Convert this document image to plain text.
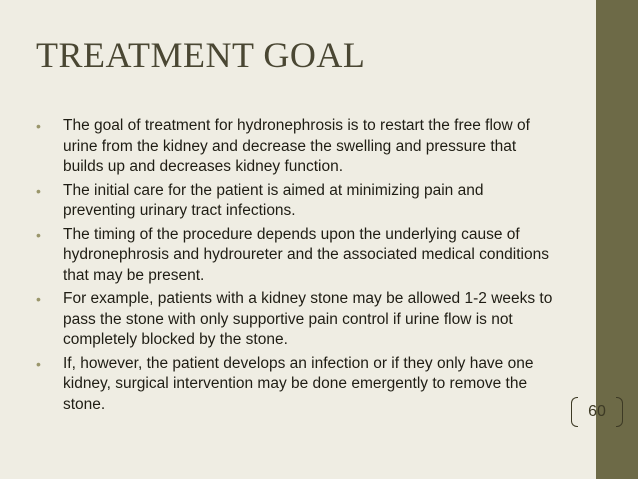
TREATMENT GOAL
•	The goal of treatment for hydronephrosis is to restart the free flow of urine from the kidney and decrease the swelling and pressure that builds up and decreases kidney function.
•	The initial care for the patient is aimed at minimizing pain and preventing urinary tract infections.
•	The timing of the procedure depends upon the underlying cause of hydronephrosis and hydroureter and the associated medical conditions that may be present.
•	For example, patients with a kidney stone may be allowed 1-2 weeks to pass the stone with only supportive pain control if urine flow is not completely blocked by the stone.
•	If, however, the patient develops an infection or if they only have one kidney, surgical intervention may be done emergently to remove the stone.	60
